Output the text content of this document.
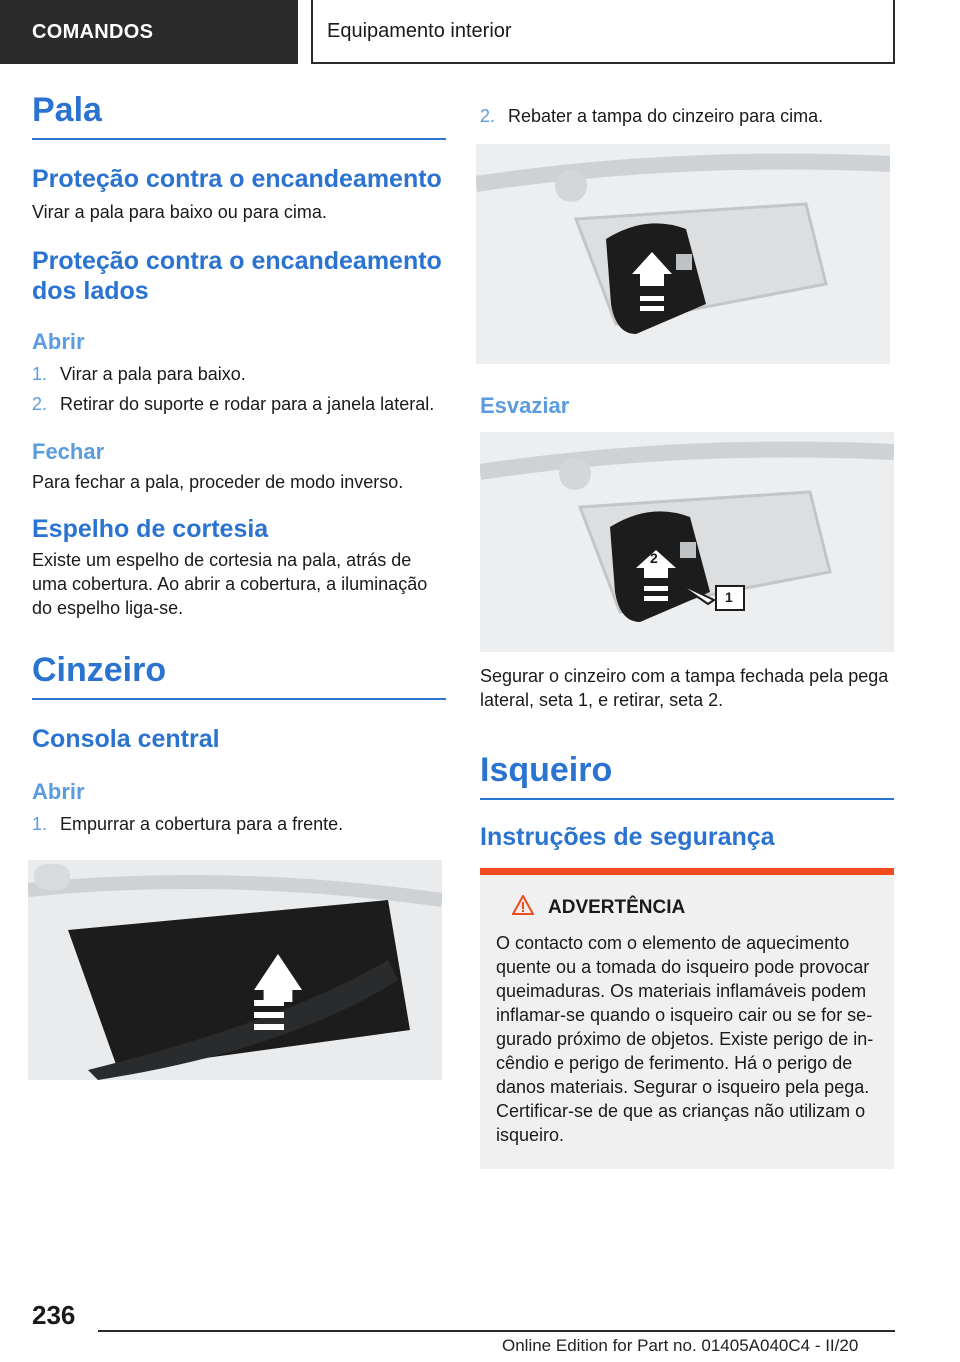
COMANDOS	Equipamento interior
Pala
Proteção contra o encandeamento

Virar a pala para baixo ou para cima.

Proteção contra o encandeamento dos lados
Abrir
1. Virar a pala para baixo.
2. Retirar do suporte e rodar para a janela lateral.
Fechar

Para fechar a pala, proceder de modo inverso.

Espelho de cortesia

Existe um espelho de cortesia na pala, atrás de uma cobertura. Ao abrir a cobertura, a iluminação do espelho liga-se.

Cinzeiro
Consola central
Abrir
1. Empurrar a cobertura para a frente.
2. Rebater a tampa do cinzeiro para cima.
Esvaziar
2
1

Segurar o cinzeiro com a tampa fechada pela pega lateral, seta 1, e retirar, seta 2.

Isqueiro
Instruções de segurança
ADVERTÊNCIA

O contacto com o elemento de aquecimento quente ou a tomada do isqueiro pode provocar queimaduras. Os materiais inflamáveis podem inflamar-se quando o isqueiro cair ou se for se-gurado próximo de objetos. Existe perigo de in-cêndio e perigo de ferimento. Há o perigo de danos materiais. Segurar o isqueiro pela pega. Certificar-se de que as crianças não utilizam o isqueiro.

236
Online Edition for Part no. 01405A040C4 - II/20
